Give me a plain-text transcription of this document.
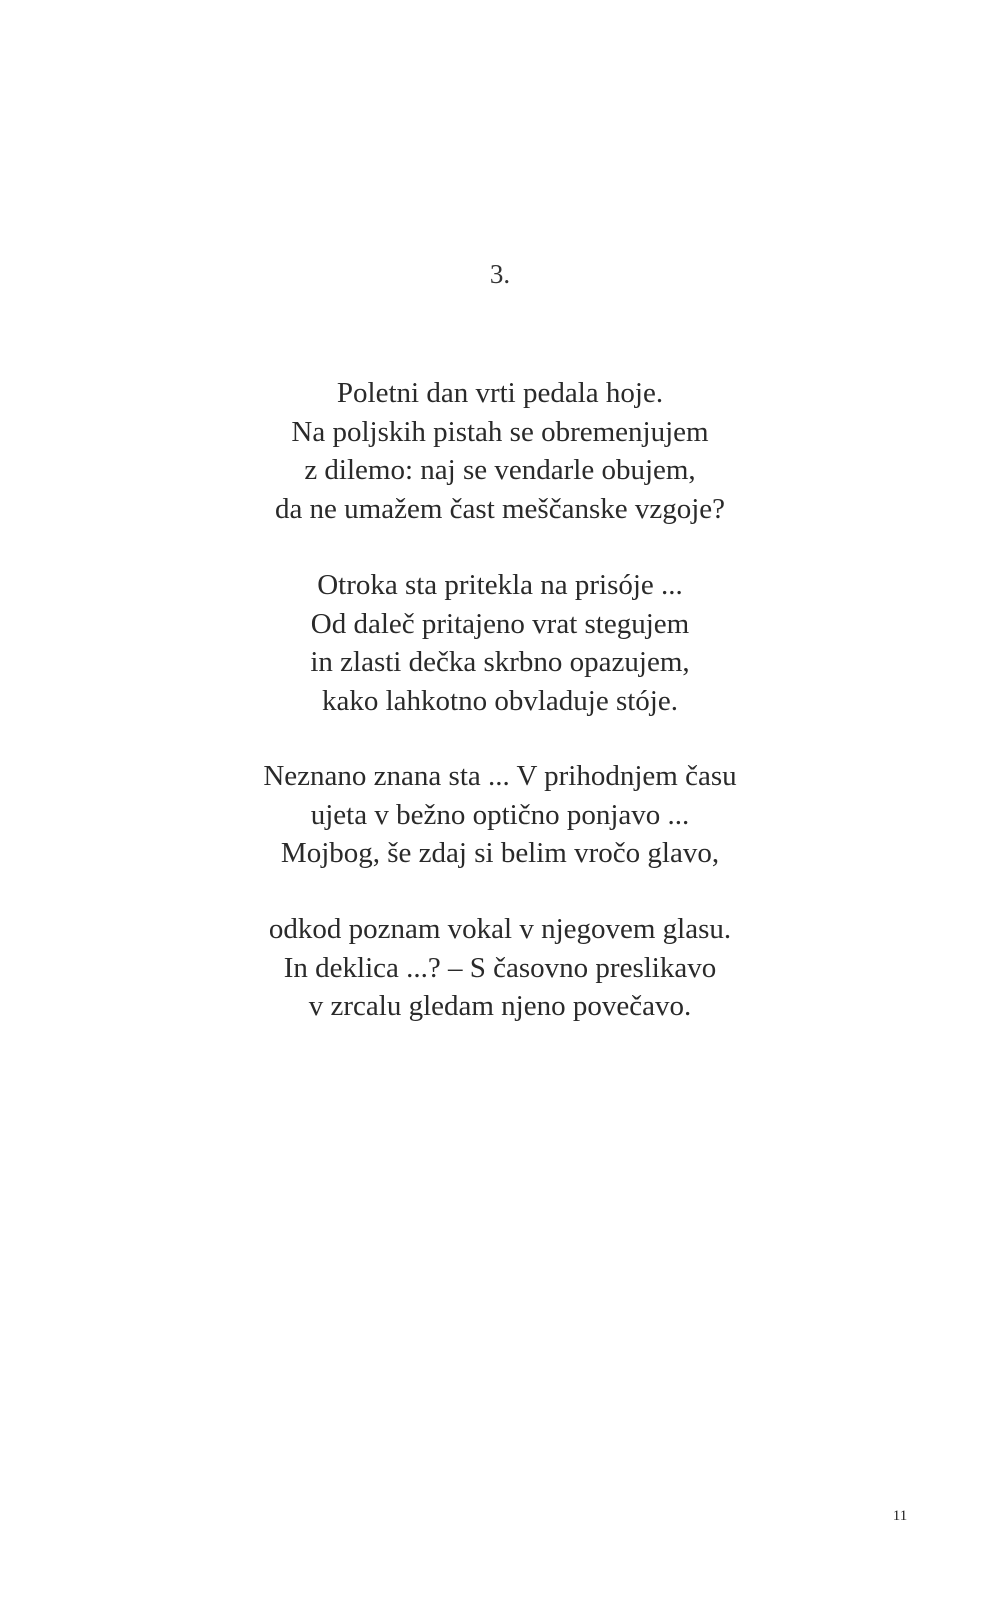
3.
Poletni dan vrti pedala hoje.
Na poljskih pistah se obremenjujem
z dilemo: naj se vendarle obujem,
da ne umažem čast meščanske vzgoje?
Otroka sta pritekla na prisóje ...
Od daleč pritajeno vrat stegujem
in zlasti dečka skrbno opazujem,
kako lahkotno obvladuje stóje.
Neznano znana sta ... V prihodnjem času
ujeta v bežno optično ponjavo ...
Mojbog, še zdaj si belim vročo glavo,
odkod poznam vokal v njegovem glasu.
In deklica ...? – S časovno preslikavo
v zrcalu gledam njeno povečavo.
11
